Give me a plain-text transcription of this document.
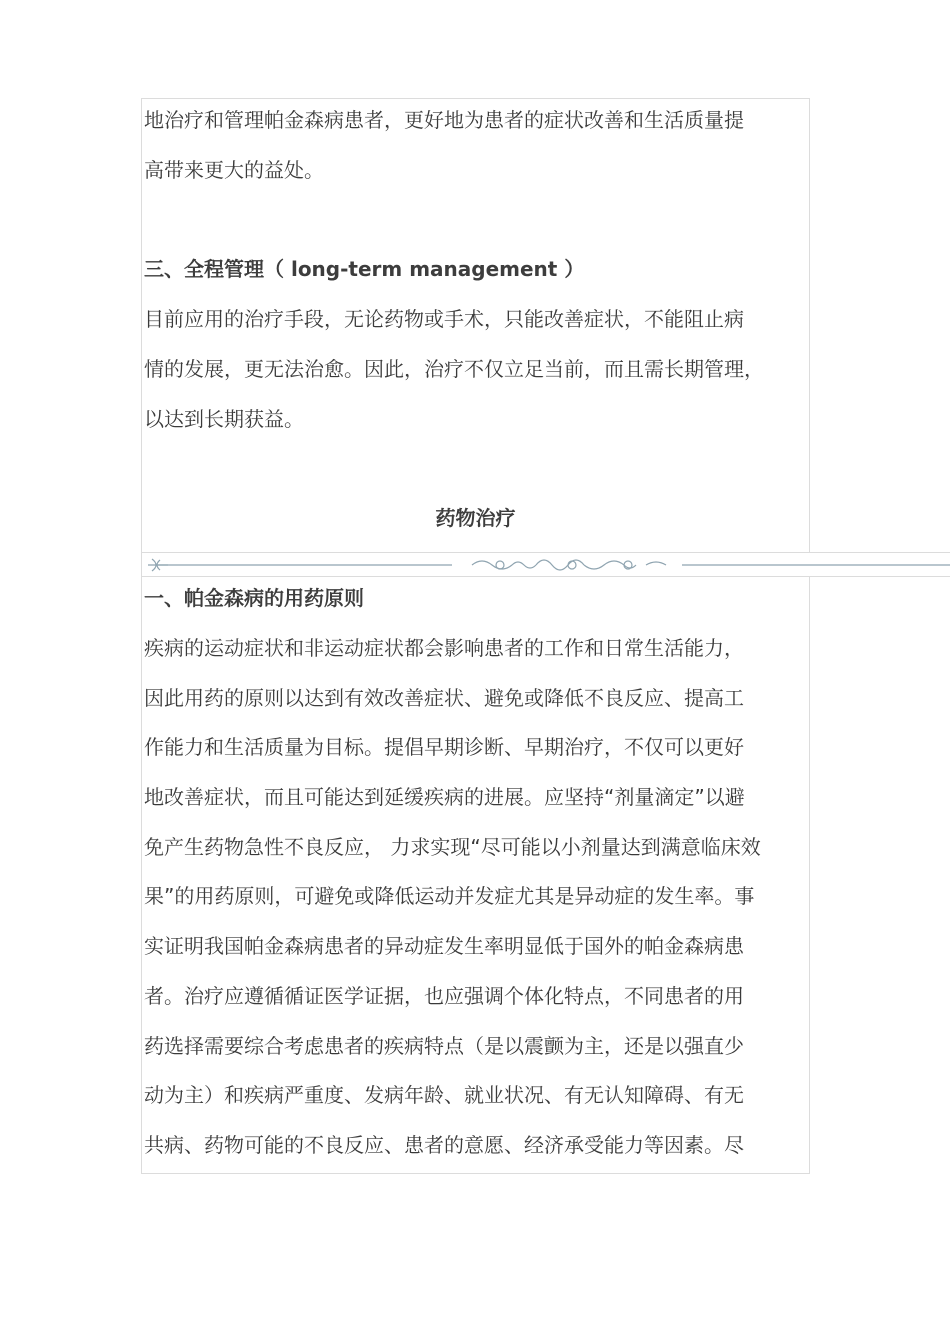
地治疗和管理帕金森病患者，更好地为患者的症状改善和生活质量提

高带来更大的益处。

三、全程管理（ long-term management ）

目前应用的治疗手段，无论药物或手术，只能改善症状，不能阻止病

情的发展，更无法治愈。因此，治疗不仅立足当前，而且需长期管理，

以达到长期获益。

药物治疗

一、帕金森病的用药原则

疾病的运动症状和非运动症状都会影响患者的工作和日常生活能力，

因此用药的原则以达到有效改善症状、避免或降低不良反应、提高工

作能力和生活质量为目标。提倡早期诊断、早期治疗，不仅可以更好

地改善症状，而且可能达到延缓疾病的进展。应坚持“剂量滴定”以避

免产生药物急性不良反应， 力求实现“尽可能以小剂量达到满意临床效

果”的用药原则，可避免或降低运动并发症尤其是异动症的发生率。事

实证明我国帕金森病患者的异动症发生率明显低于国外的帕金森病患

者。治疗应遵循循证医学证据，也应强调个体化特点，不同患者的用

药选择需要综合考虑患者的疾病特点（是以震颤为主，还是以强直少

动为主）和疾病严重度、发病年龄、就业状况、有无认知障碍、有无

共病、药物可能的不良反应、患者的意愿、经济承受能力等因素。尽
